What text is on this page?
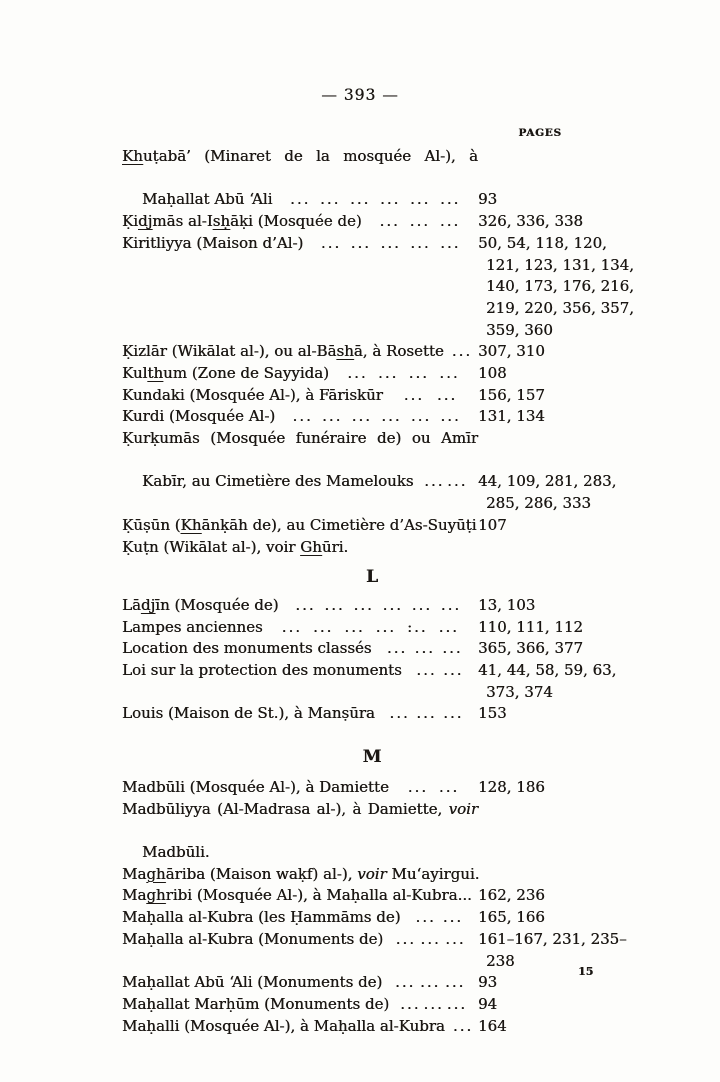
— 393 —
PAGES
Khuṭabā’ (Minaret de la mosquée Al-), à
Maḥallat Abū ‘Ali ... ... ... ... ... ... 93
Ḳidjmās al-Isḥāḳi (Mosquée de) ... ... ... 326, 336, 338
Kiritliyya (Maison d’Al-) ... ... ... ... ... 50, 54, 118, 120,
121, 123, 131, 134,
140, 173, 176, 216,
219, 220, 356, 357,
359, 360
Ḳizlār (Wikālat al-), ou al-Bāshā, à Rosette ... 307, 310
Kulthum (Zone de Sayyida) ... ... ... ... 108
Kundaki (Mosquée Al-), à Fāriskūr ... ... 156, 157
Kurdi (Mosquée Al-) ... ... ... ... ... ... 131, 134
Ḳurḳumās (Mosquée funéraire de) ou Amīr
Kabīr, au Cimetière des Mamelouks ... ... 44, 109, 281, 283,
285, 286, 333
Ḳūṣūn (Khānḳāh de), au Cimetière d’As-Suyūṭi 107
Ḳuṭn (Wikālat al-), voir Ghūri.
L
Lādjīn (Mosquée de) ... ... ... ... ... ... 13, 103
Lampes anciennes ... ... ... ... :.. ... 110, 111, 112
Location des monuments classés ... ... ... 365, 366, 377
Loi sur la protection des monuments ... ... 41, 44, 58, 59, 63,
373, 374
Louis (Maison de St.), à Manṣūra ... ... ... 153
M
Madbūli (Mosquée Al-), à Damiette ... ... 128, 186
Madbūliyya (Al-Madrasa al-), à Damiette, voir
Madbūli.
Maghāriba (Maison waḳf) al-), voir Mu‘ayirgui.
Maghribi (Mosquée Al-), à Maḥalla al-Kubra... 162, 236
Maḥalla al-Kubra (les Ḥammāms de) ... ... 165, 166
Maḥalla al-Kubra (Monuments de) ... ... ... 161–167, 231, 235–
238
Maḥallat Abū ‘Ali (Monuments de) ... ... ... 93
Maḥallat Marḥūm (Monuments de) ... ... ... 94
Maḥalli (Mosquée Al-), à Maḥalla al-Kubra ... 164
15
